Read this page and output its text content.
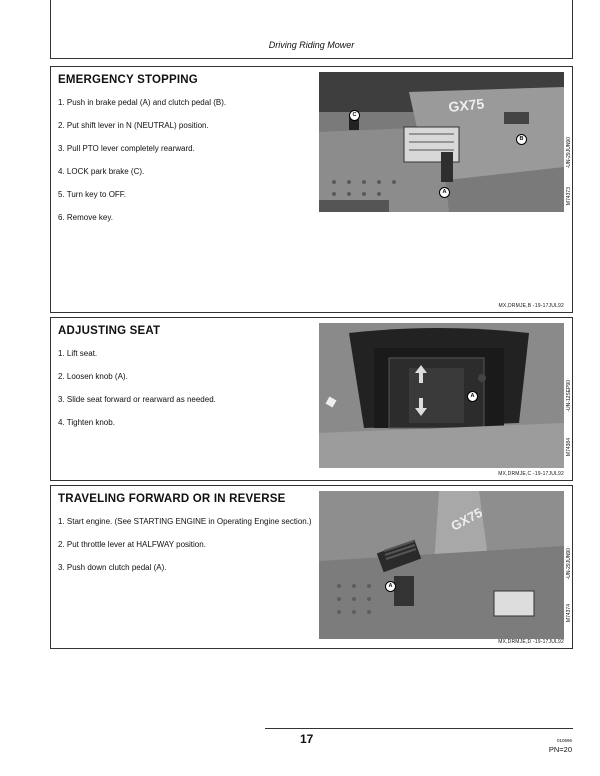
Driving Riding Mower
EMERGENCY STOPPING
1. Push in brake pedal (A) and clutch pedal (B).
2. Put shift lever in N (NEUTRAL) position.
3. Pull PTO lever completely rearward.
4. LOCK park brake (C).
5. Turn key to OFF.
6. Remove key.
GX75
C
B
A
-UN-29JUN90
M74373
MX,DRMJE,B -19-17JUL92
ADJUSTING SEAT
1. Lift seat.
2. Loosen knob (A).
3. Slide seat forward or rearward as needed.
4. Tighten knob.
A	-UN-12SEP90
M74384
MX,DRMJE,C -19-17JUL92
TRAVELING FORWARD OR IN REVERSE
1. Start engine. (See STARTING ENGINE in Operating Engine section.)
2. Put throttle lever at HALFWAY position.
3. Push down clutch pedal (A).
GX75
A
-UN-29JUN90
M74374
MX,DRMJE,D -19-17JUL92
17	010696
PN=20
